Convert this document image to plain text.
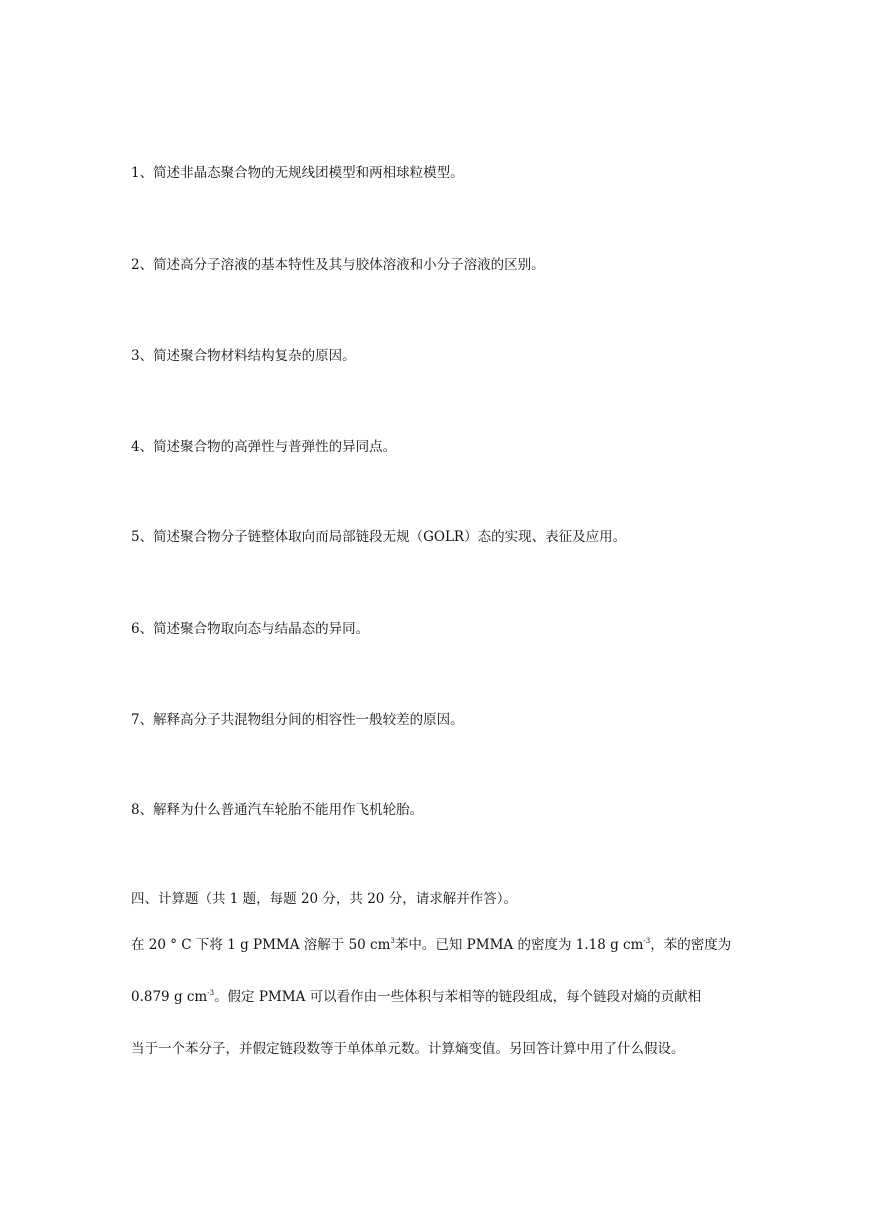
1、简述非晶态聚合物的无规线团模型和两相球粒模型。
2、简述高分子溶液的基本特性及其与胶体溶液和小分子溶液的区别。
3、简述聚合物材料结构复杂的原因。
4、简述聚合物的高弹性与普弹性的异同点。
5、简述聚合物分子链整体取向而局部链段无规（GOLR）态的实现、表征及应用。
6、简述聚合物取向态与结晶态的异同。
7、解释高分子共混物组分间的相容性一般较差的原因。
8、解释为什么普通汽车轮胎不能用作飞机轮胎。
四、计算题（共 1 题，每题 20 分，共 20 分，请求解并作答）。
在 20 ° C 下将 1 g PMMA 溶解于 50 $cm^3$苯中。已知 PMMA 的密度为 1.18 g $cm^{-3}$，苯的密度为
0.879 g $cm^{-3}$。假定 PMMA 可以看作由一些体积与苯相等的链段组成，每个链段对熵的贡献相
当于一个苯分子，并假定链段数等于单体单元数。计算熵变值。另回答计算中用了什么假设。
